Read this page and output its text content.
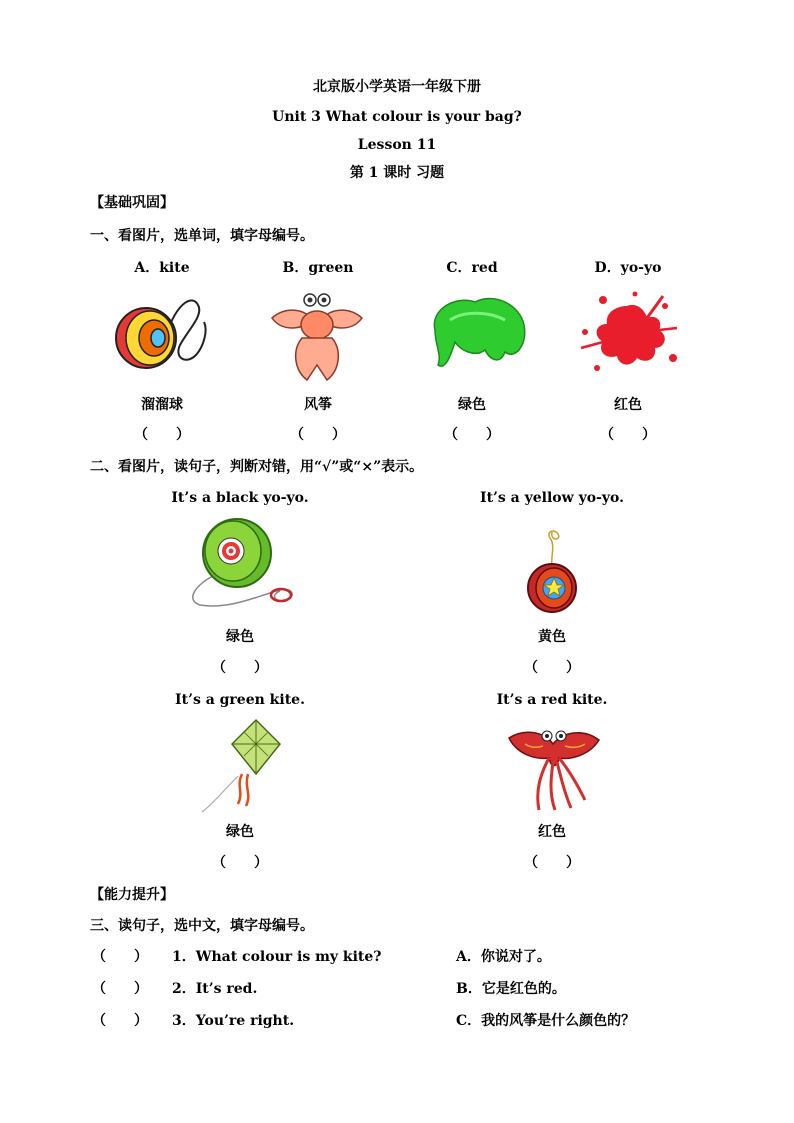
北京版小学英语一年级下册
Unit 3 What colour is your bag?
Lesson 11
第 1 课时 习题
【基础巩固】
一、看图片，选单词，填字母编号。
A．kite	B．green	C．red	D．yo-yo
溜溜球	风筝	绿色	红色
（　　）	（　　）	（　　）	（　　）
二、看图片，读句子，判断对错，用“√”或“×”表示。
It’s a black yo-yo.	It’s a yellow yo-yo.
绿色	黄色
（　　）	（　　）
It’s a green kite.	It’s a red kite.
绿色	红色
（　　）	（　　）
【能力提升】
三、读句子，选中文，填字母编号。
（　　） 1．What colour is my kite?	A．你说对了。
（　　） 2．It’s red.	B．它是红色的。
（　　） 3．You’re right.	C．我的风筝是什么颜色的？
